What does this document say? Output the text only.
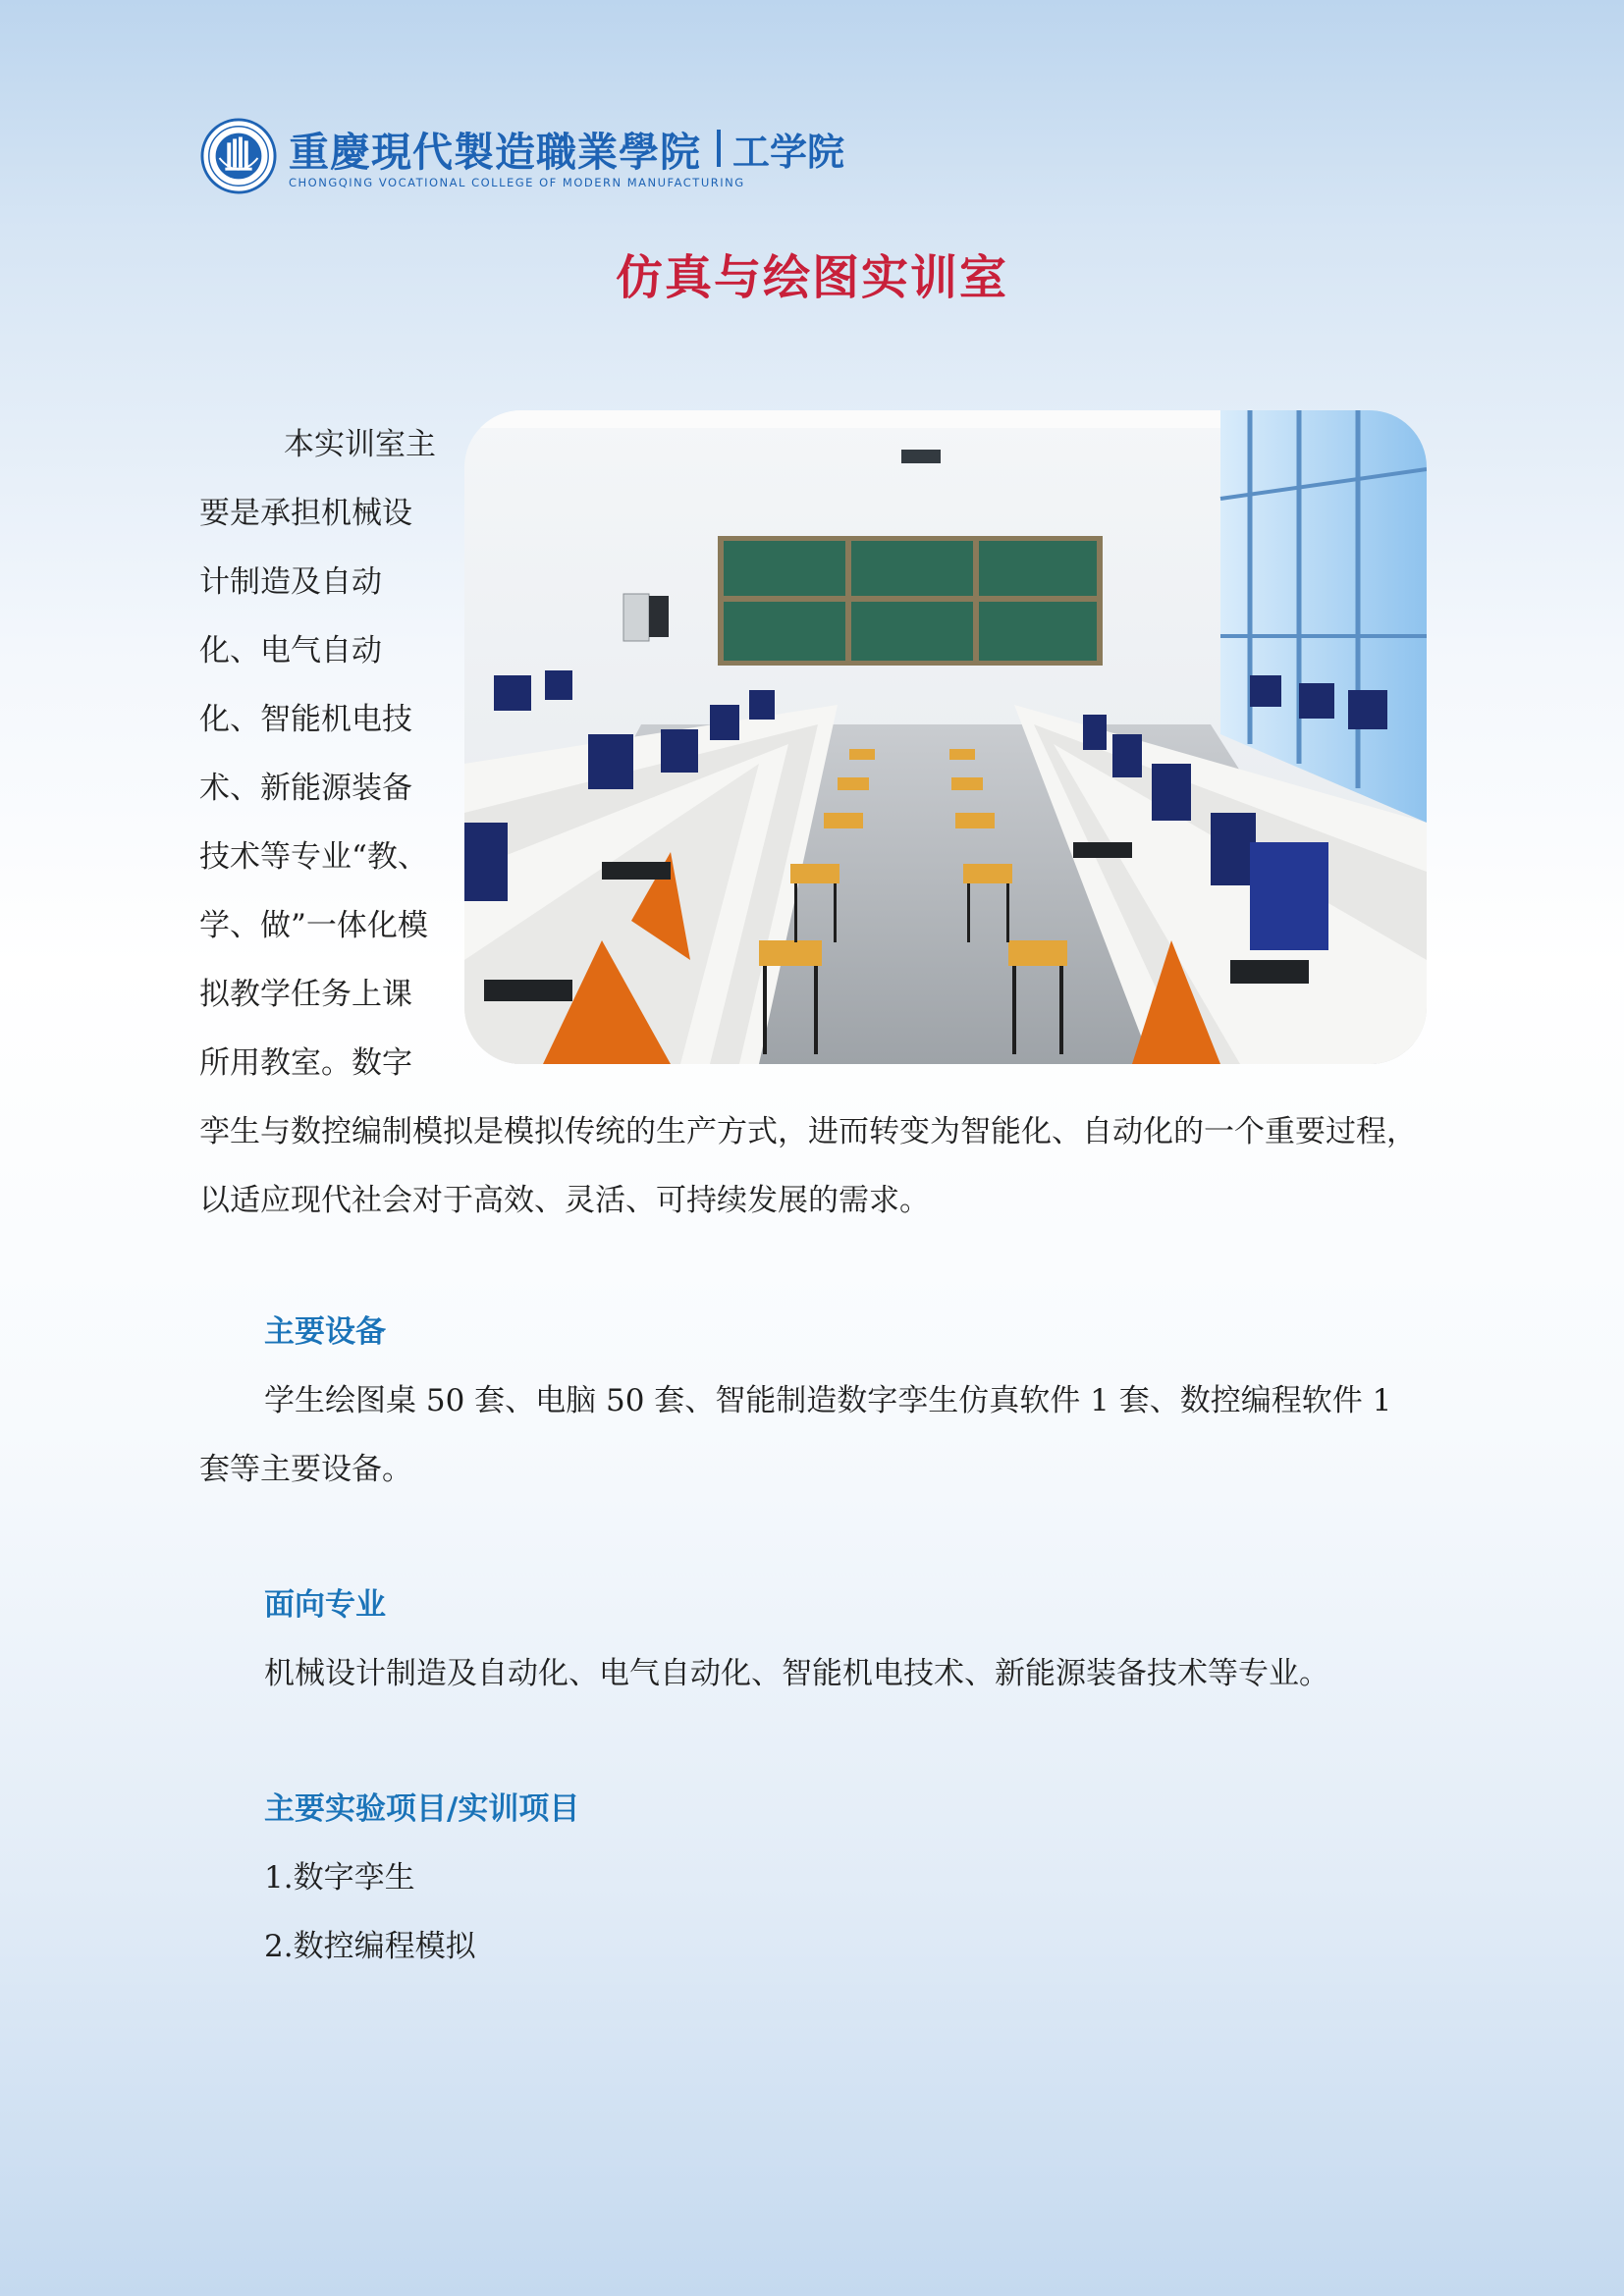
重慶現代製造職業學院 工学院
CHONGQING VOCATIONAL COLLEGE OF MODERN MANUFACTURING
仿真与绘图实训室

本实训室主要是承担机械设计制造及自动化、电气自动化、智能机电技术、新能源装备技术等专业“教、学、做”一体化模拟教学任务上课所用教室。数字孪生与数控编制模拟是模拟传统的生产方式，进而转变为智能化、自动化的一个重要过程，以适应现代社会对于高效、灵活、可持续发展的需求。

主要设备

学生绘图桌 50 套、电脑 50 套、智能制造数字孪生仿真软件 1 套、数控编程软件 1 套等主要设备。

面向专业

机械设计制造及自动化、电气自动化、智能机电技术、新能源装备技术等专业。

主要实验项目/实训项目
1.数字孪生
2.数控编程模拟
